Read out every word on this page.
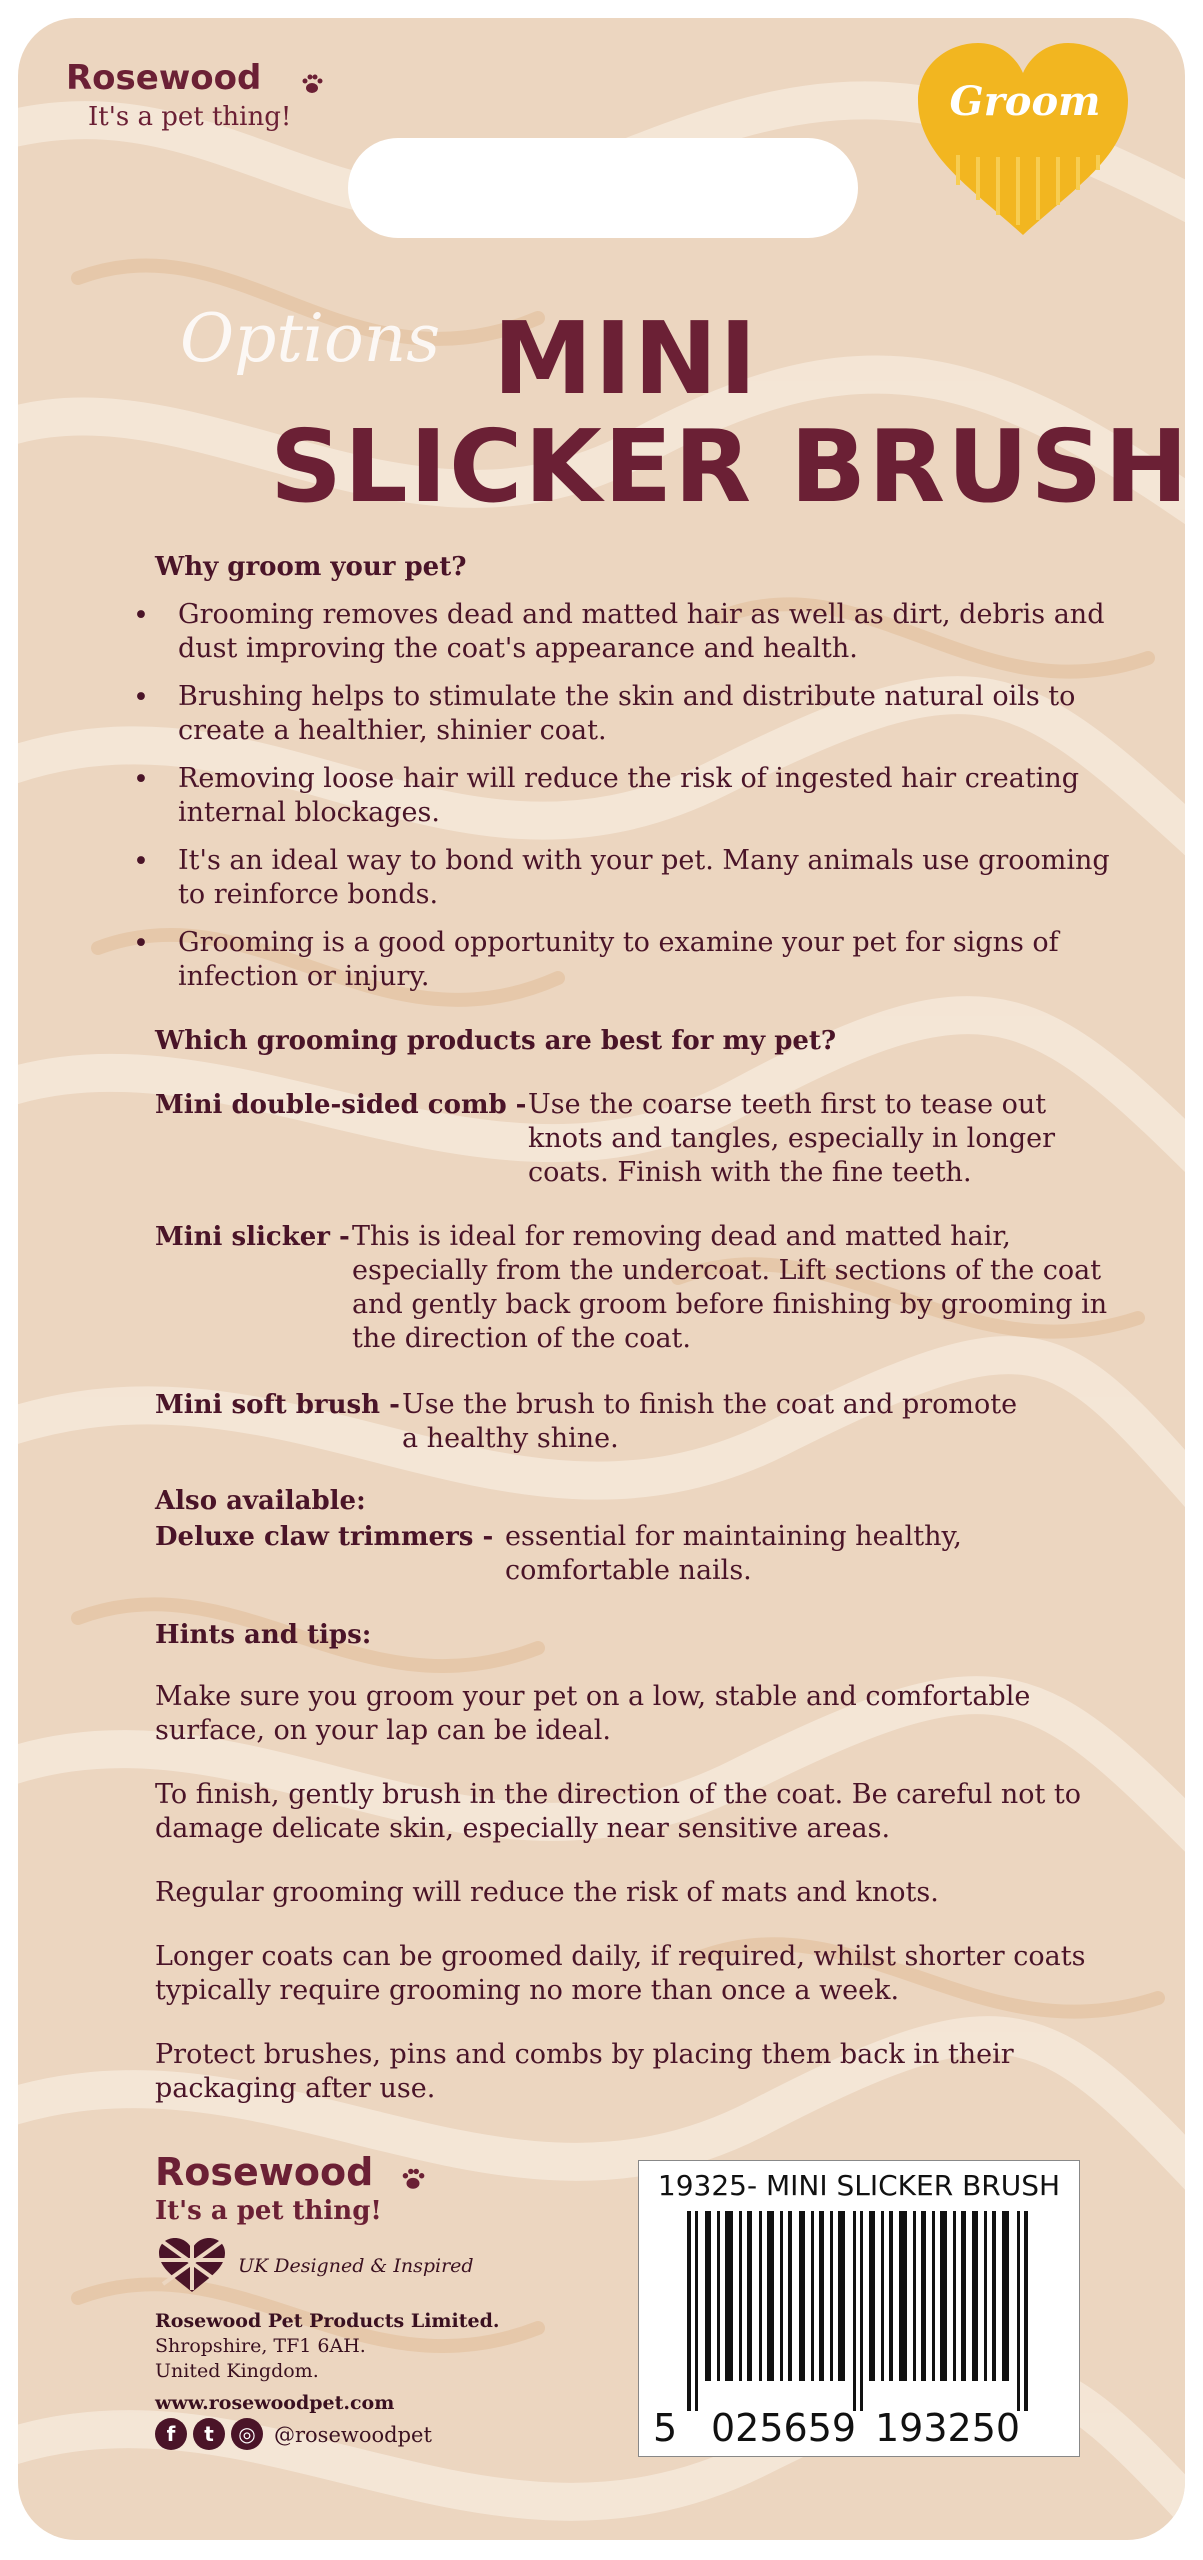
Rosewood
It's a pet thing!	Groom
Options MINI
SLICKER BRUSH
Why groom your pet?
• Grooming removes dead and matted hair as well as dirt, debris and
dust improving the coat's appearance and health.
• Brushing helps to stimulate the skin and distribute natural oils to
create a healthier, shinier coat.
• Removing loose hair will reduce the risk of ingested hair creating
internal blockages.
• It's an ideal way to bond with your pet. Many animals use grooming
to reinforce bonds.
• Grooming is a good opportunity to examine your pet for signs of
infection or injury.
Which grooming products are best for my pet?
Mini double-sided comb - Use the coarse teeth first to tease out
knots and tangles, especially in longer
coats. Finish with the fine teeth.
Mini slicker - This is ideal for removing dead and matted hair,
especially from the undercoat. Lift sections of the coat
and gently back groom before finishing by grooming in
the direction of the coat.
Mini soft brush - Use the brush to finish the coat and promote
a healthy shine.
Also available:
Deluxe claw trimmers - essential for maintaining healthy,
comfortable nails.
Hints and tips:
Make sure you groom your pet on a low, stable and comfortable
surface, on your lap can be ideal.
To finish, gently brush in the direction of the coat. Be careful not to
damage delicate skin, especially near sensitive areas.
Regular grooming will reduce the risk of mats and knots.
Longer coats can be groomed daily, if required, whilst shorter coats
typically require grooming no more than once a week.
Protect brushes, pins and combs by placing them back in their
packaging after use.
Rosewood
It's a pet thing!
UK Designed & Inspired
Rosewood Pet Products Limited.
Shropshire, TF1 6AH.
United Kingdom.
www.rosewoodpet.com
f	t	◎ @rosewoodpet
19325- MINI SLICKER BRUSH
5 025659 193250
